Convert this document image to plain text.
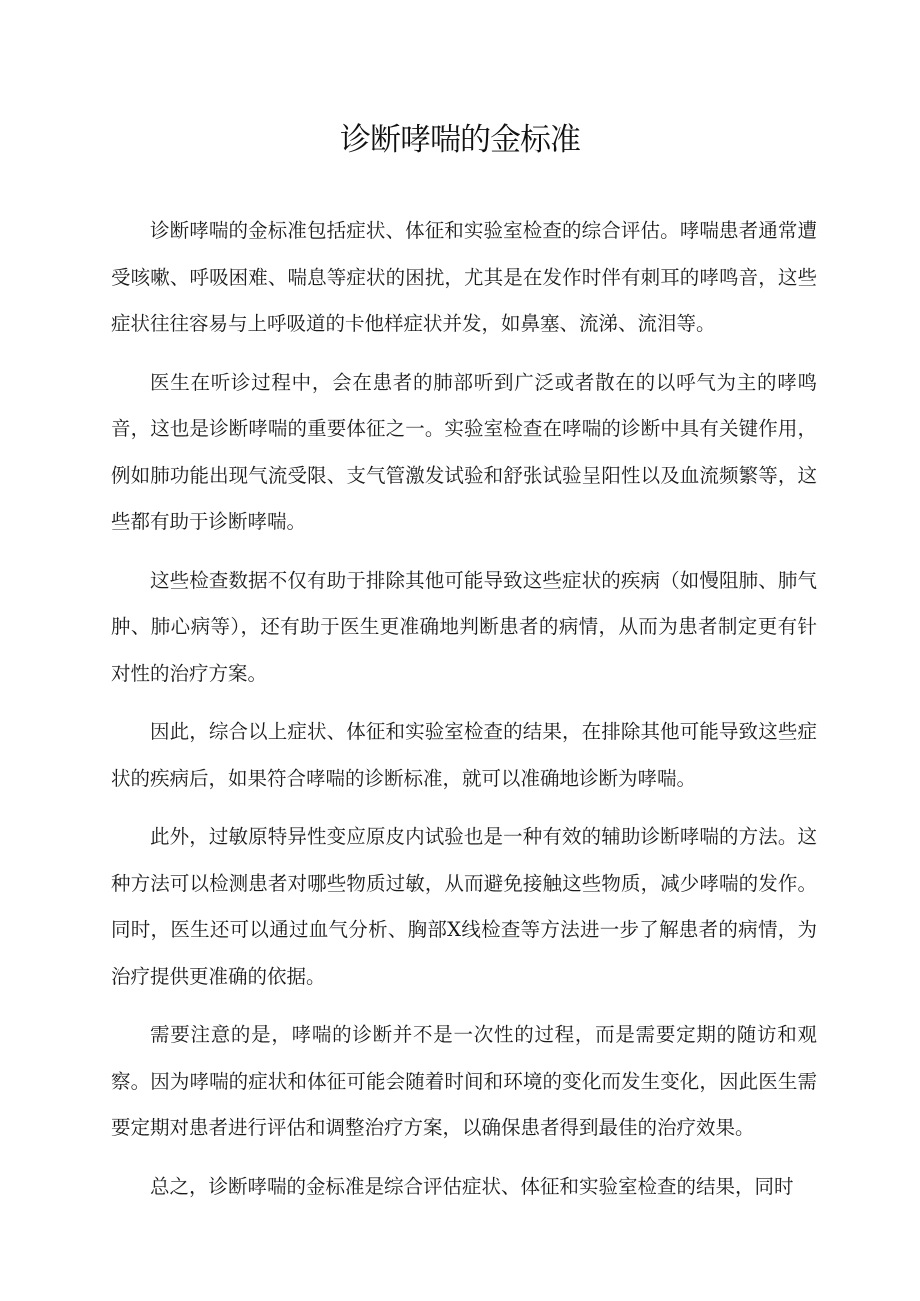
诊断哮喘的金标准

诊断哮喘的金标准包括症状、体征和实验室检查的综合评估。哮喘患者通常遭受咳嗽、呼吸困难、喘息等症状的困扰，尤其是在发作时伴有刺耳的哮鸣音，这些症状往往容易与上呼吸道的卡他样症状并发，如鼻塞、流涕、流泪等。

医生在听诊过程中，会在患者的肺部听到广泛或者散在的以呼气为主的哮鸣音，这也是诊断哮喘的重要体征之一。实验室检查在哮喘的诊断中具有关键作用，例如肺功能出现气流受限、支气管激发试验和舒张试验呈阳性以及血流频繁等，这些都有助于诊断哮喘。

这些检查数据不仅有助于排除其他可能导致这些症状的疾病（如慢阻肺、肺气肿、肺心病等），还有助于医生更准确地判断患者的病情，从而为患者制定更有针对性的治疗方案。

因此，综合以上症状、体征和实验室检查的结果，在排除其他可能导致这些症状的疾病后，如果符合哮喘的诊断标准，就可以准确地诊断为哮喘。

此外，过敏原特异性变应原皮内试验也是一种有效的辅助诊断哮喘的方法。这种方法可以检测患者对哪些物质过敏，从而避免接触这些物质，减少哮喘的发作。同时，医生还可以通过血气分析、胸部X线检查等方法进一步了解患者的病情，为治疗提供更准确的依据。

需要注意的是，哮喘的诊断并不是一次性的过程，而是需要定期的随访和观察。因为哮喘的症状和体征可能会随着时间和环境的变化而发生变化，因此医生需要定期对患者进行评估和调整治疗方案，以确保患者得到最佳的治疗效果。

总之，诊断哮喘的金标准是综合评估症状、体征和实验室检查的结果，同时
